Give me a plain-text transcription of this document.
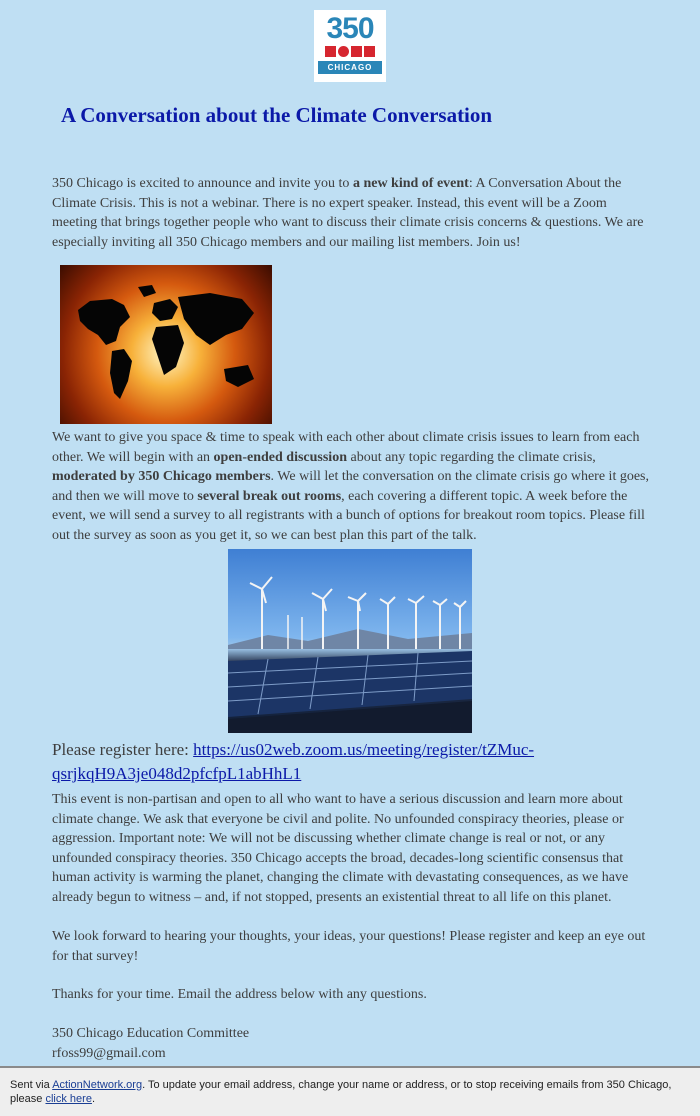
350
CHICAGO
A Conversation about the Climate Conversation

350 Chicago is excited to announce and invite you to a new kind of event: A Conversation About the Climate Crisis. This is not a webinar. There is no expert speaker. Instead, this event will be a Zoom meeting that brings together people who want to discuss their climate crisis concerns & questions. We are especially inviting all 350 Chicago members and our mailing list members. Join us!

We want to give you space & time to speak with each other about climate crisis issues to learn from each other. We will begin with an open-ended discussion about any topic regarding the climate crisis, moderated by 350 Chicago members. We will let the conversation on the climate crisis go where it goes, and then we will move to several break out rooms, each covering a different topic. A week before the event, we will send a survey to all registrants with a bunch of options for breakout room topics. Please fill out the survey as soon as you get it, so we can best plan this part of the talk.

Please register here: https://us02web.zoom.us/meeting/register/tZMuc-qsrjkqH9A3je048d2pfcfpL1abHhL1

This event is non-partisan and open to all who want to have a serious discussion and learn more about climate change. We ask that everyone be civil and polite. No unfounded conspiracy theories, please or aggression. Important note: We will not be discussing whether climate change is real or not, or any unfounded conspiracy theories. 350 Chicago accepts the broad, decades-long scientific consensus that human activity is warming the planet, changing the climate with devastating consequences, as we have already begun to witness – and, if not stopped, presents an existential threat to all life on this planet.

We look forward to hearing your thoughts, your ideas, your questions! Please register and keep an eye out for that survey!

Thanks for your time. Email the address below with any questions.

350 Chicago Education Committee
rfoss99@gmail.com

Sent via ActionNetwork.org. To update your email address, change your name or address, or to stop receiving emails from 350 Chicago, please click here.
